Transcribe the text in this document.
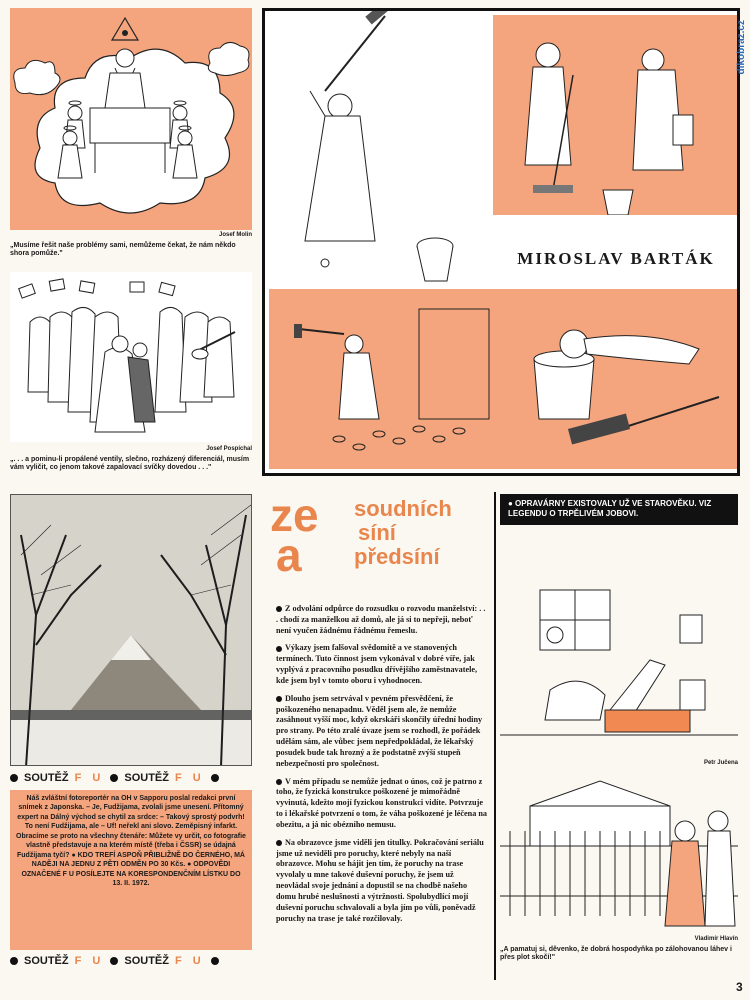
Josef Molin
„Musíme řešit naše problémy sami, nemůžeme čekat, že nám někdo shora pomůže."
Josef Pospíchal
„. . . a pominu-li propálené ventily, slečno, rozházený diferenciál, musím vám vyličit, co jenom takové zapalovací svíčky dovedou . . ."
MIROSLAV BARTÁK
SOUTĚŽ F U SOUTĚŽ F U
Náš zvláštní fotoreportér na OH v Sapporu poslal redakci první snímek z Japonska. – Je, Fudžijama, zvolali jsme unesení. Přítomný expert na Dálný východ se chytil za srdce: – Takový sprostý podvrh! To není Fudžijama, ale – Uf! neřekl ani slovo. Zeměpisný infarkt. Obracíme se proto na všechny čtenáře: Můžete vy určit, co fotografie vlastně představuje a na kterém místě (třeba i ČSSR) se údajná Fudžijama tyčí? ● KDO TREFÍ ASPOŇ PŘIBLIŽNĚ DO ČERNÉHO, MÁ NADĚJI NA JEDNU Z PĚTI ODMĚN PO 30 Kčs. ● ODPOVĚDI OZNAČENÉ F U POSÍLEJTE NA KORESPONDENČNÍM LÍSTKU DO 13. II. 1972.
SOUTĚŽ F U SOUTĚŽ F U
ze
a
soudních
síní
předsíní

Z odvolání odpůrce do rozsudku o rozvodu manželství: . . . chodí za manželkou až domů, ale já si to nepřeji, neboť není vyučen žádnému řádnému řemeslu.

Výkazy jsem falšoval svědomitě a ve stanovených termínech. Tuto činnost jsem vykonával v dobré víře, jak vyplývá z pracovního posudku dřívějšího zaměstnavatele, kde jsem byl v tomto oboru i vyhodnocen.

Dlouho jsem setrvával v pevném přesvědčení, že poškozeného nenapadnu. Věděl jsem ale, že nemůže zasáhnout vyšší moc, když okrskáři skončily úřední hodiny pro strany. Po této zralé úvaze jsem se rozhodl, že pořádek udělám sám, ale vůbec jsem nepředpokládal, že lékařský posudek bude tak hrozný a že podstatně zvýší stupeň nebezpečnosti pro společnost.

V mém případu se nemůže jednat o únos, což je patrno z toho, že fyzická konstrukce poškozené je mimořádně vyvinutá, kdežto mojí fyzickou konstrukci vidíte. Potvrzuje to i lékařské potvrzení o tom, že váha poškozené je léčena na obezitu, a já nic obézního nemusu.

Na obrazovce jsme viděli jen titulky. Pokračování seriálu jsme už neviděli pro poruchy, které nebyly na naší obrazovce. Mohu se hájit jen tím, že poruchy na trase vyvolaly u mne takové duševní poruchy, že jsem už neovládal svoje jednání a dopustil se na chodbě našeho domu hrubé neslušnosti a výtržnosti. Spolubydlící mojí duševní poruchu schvalovali a byla jím po vůli, poněvadž poruchy na trase je také rozčilovaly.

● OPRAVÁRNY EXISTOVALY UŽ VE STAROVĚKU. VIZ LEGENDU O TRPĚLIVÉM JOBOVI.
Petr Jučena
Vladimír Hlavín
„A pamatuj si, děvenko, že dobrá hospodyňka po zálohovanou láhev i přes plot skočí!"
dikobraz.cz
3
